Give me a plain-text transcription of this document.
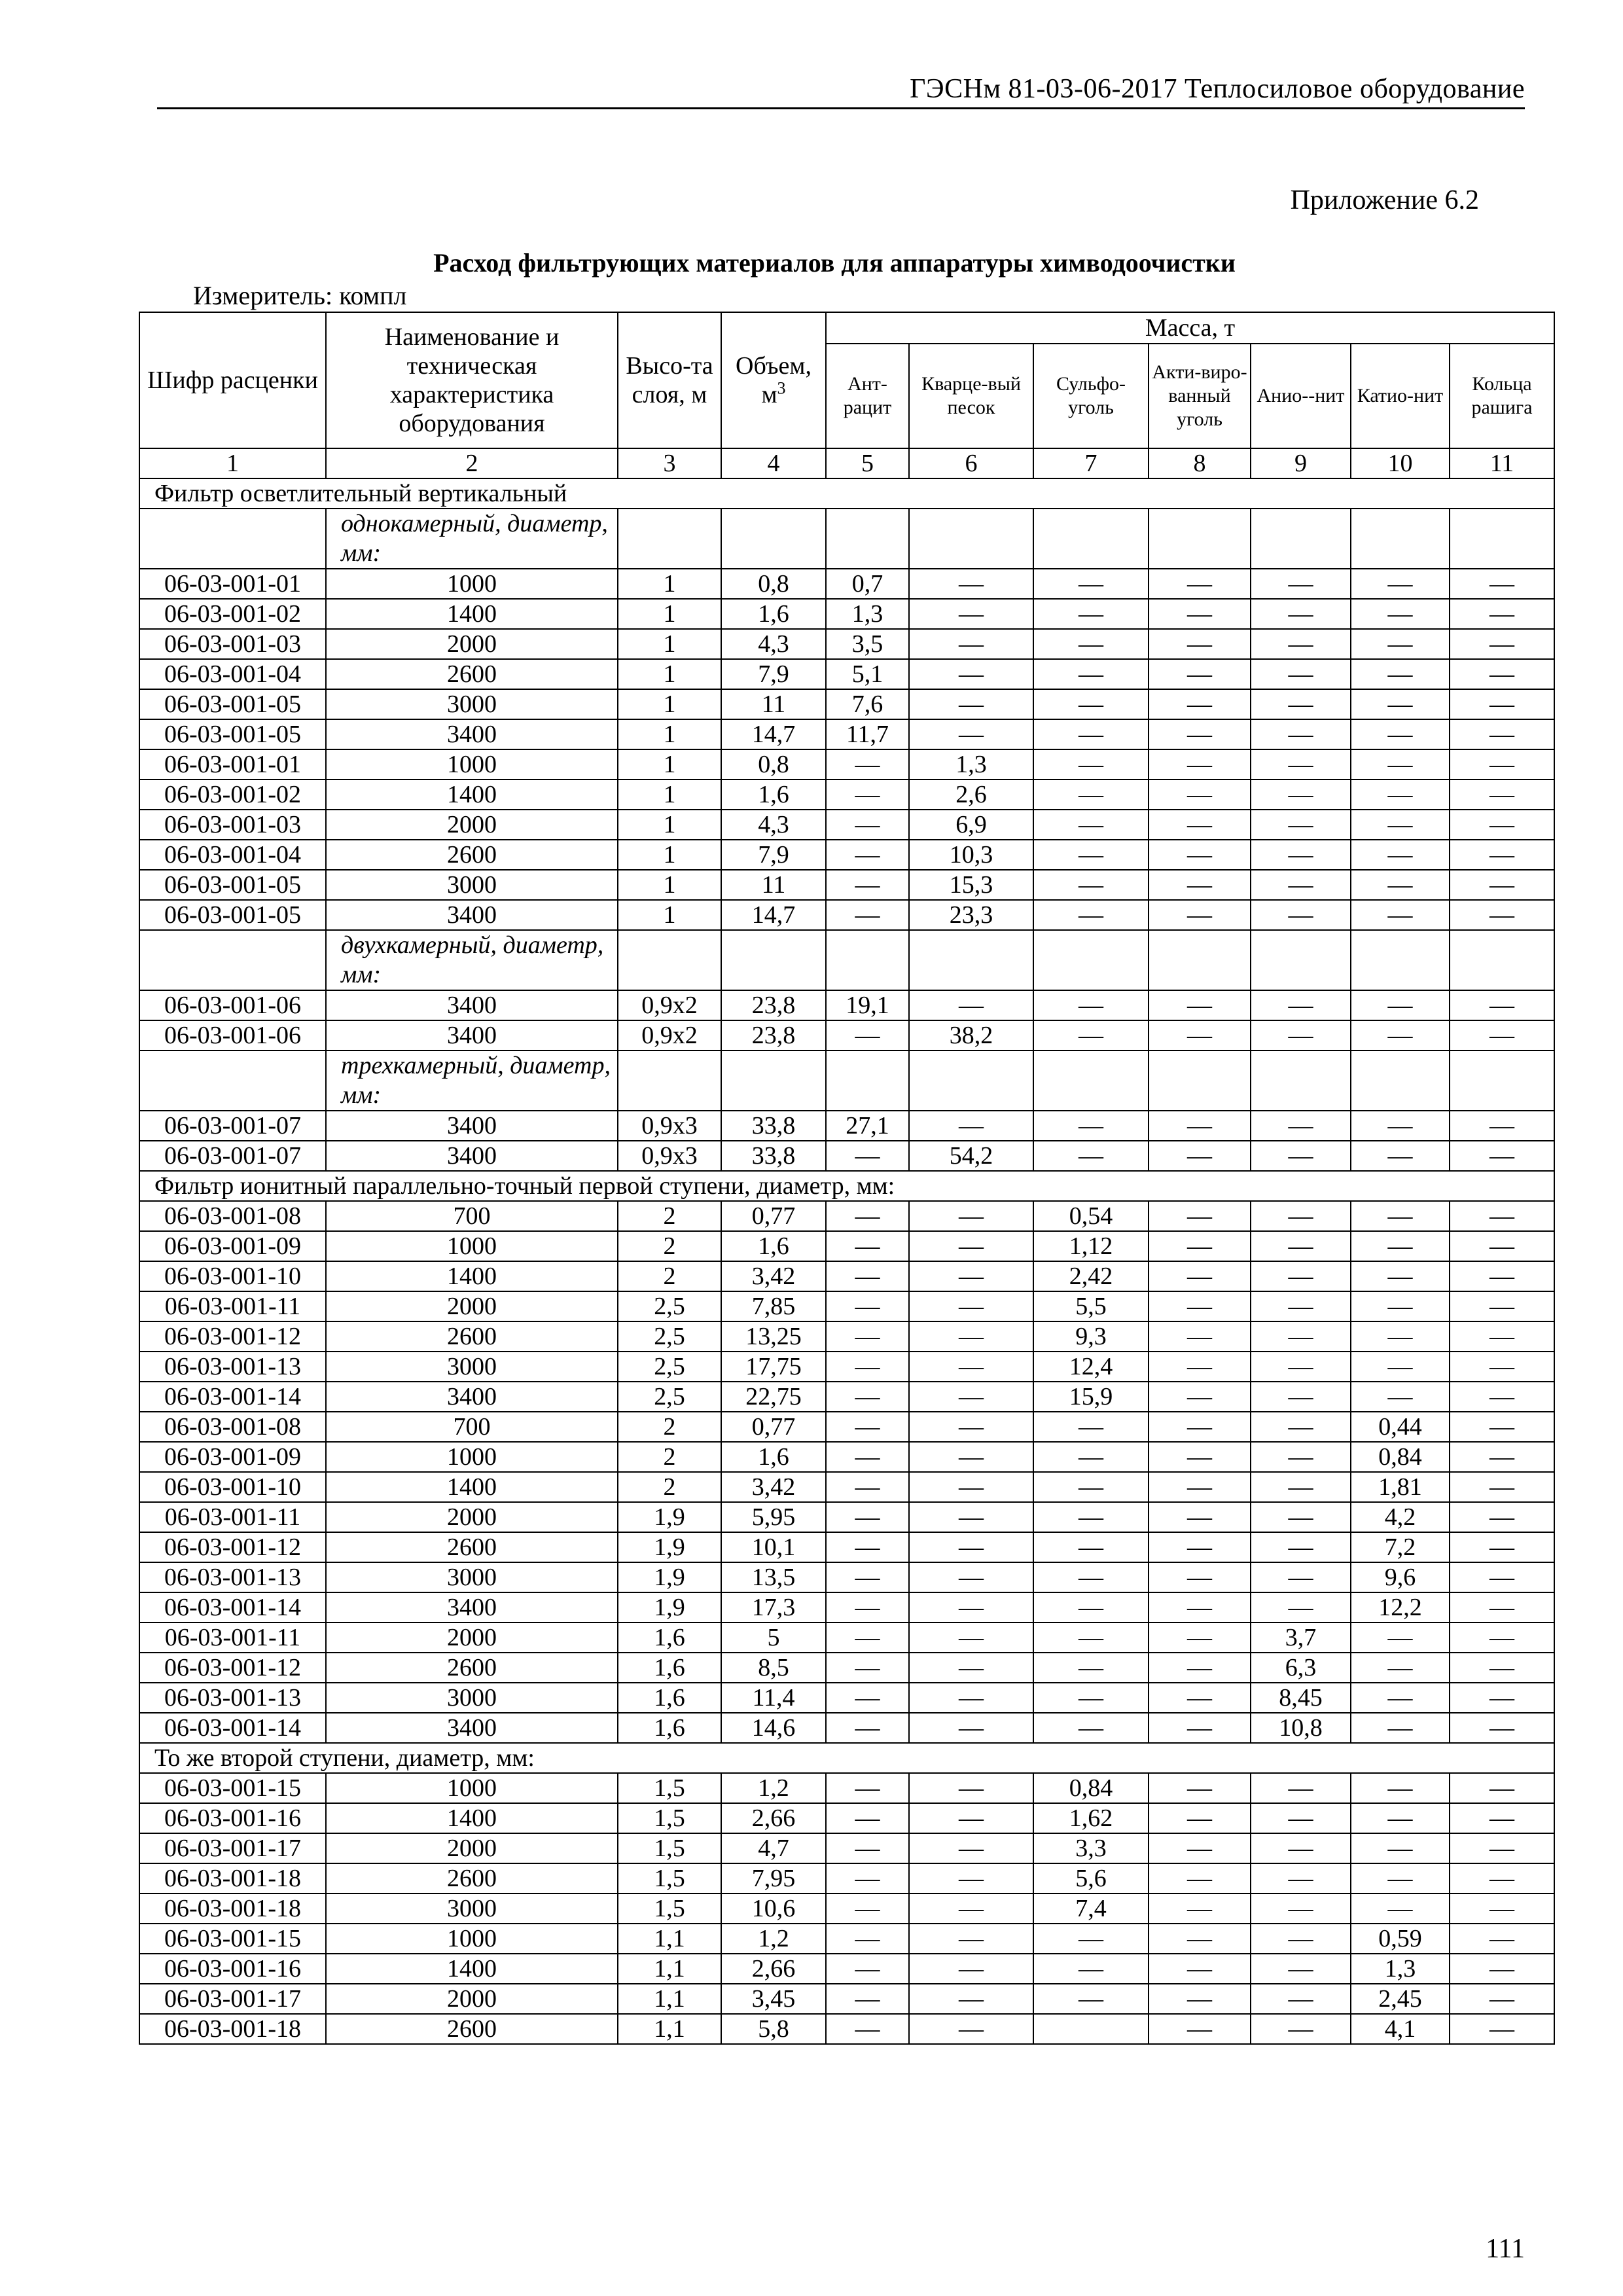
ГЭСНм 81-03-06-2017 Теплосиловое оборудование
Приложение 6.2
Расход фильтрующих материалов для аппаратуры химводоочистки
Измеритель: компл
Шифр расценки	Наименование и техническая характеристика оборудования	Высо-та слоя, м	Объем, $м^3$	Масса, т						
				Ант-рацит	Кварце-вый песок	Сульфо-уголь	Акти-виро-ванный уголь	Анио--нит	Катио-нит	Кольца рашига
1	2	3	4	5	6	7	8	9	10	11
Фильтр осветлительный вертикальный										
	однокамерный, диаметр, мм:									
06-03-001-01	1000	1	0,8	0,7	—	—	—	—	—	—
06-03-001-02	1400	1	1,6	1,3	—	—	—	—	—	—
06-03-001-03	2000	1	4,3	3,5	—	—	—	—	—	—
06-03-001-04	2600	1	7,9	5,1	—	—	—	—	—	—
06-03-001-05	3000	1	11	7,6	—	—	—	—	—	—
06-03-001-05	3400	1	14,7	11,7	—	—	—	—	—	—
06-03-001-01	1000	1	0,8	—	1,3	—	—	—	—	—
06-03-001-02	1400	1	1,6	—	2,6	—	—	—	—	—
06-03-001-03	2000	1	4,3	—	6,9	—	—	—	—	—
06-03-001-04	2600	1	7,9	—	10,3	—	—	—	—	—
06-03-001-05	3000	1	11	—	15,3	—	—	—	—	—
06-03-001-05	3400	1	14,7	—	23,3	—	—	—	—	—
	двухкамерный, диаметр, мм:									
06-03-001-06	3400	0,9x2	23,8	19,1	—	—	—	—	—	—
06-03-001-06	3400	0,9x2	23,8	—	38,2	—	—	—	—	—
	трехкамерный, диаметр, мм:									
06-03-001-07	3400	0,9x3	33,8	27,1	—	—	—	—	—	—
06-03-001-07	3400	0,9x3	33,8	—	54,2	—	—	—	—	—
Фильтр ионитный параллельно-точный первой ступени, диаметр, мм:										
06-03-001-08	700	2	0,77	—	—	0,54	—	—	—	—
06-03-001-09	1000	2	1,6	—	—	1,12	—	—	—	—
06-03-001-10	1400	2	3,42	—	—	2,42	—	—	—	—
06-03-001-11	2000	2,5	7,85	—	—	5,5	—	—	—	—
06-03-001-12	2600	2,5	13,25	—	—	9,3	—	—	—	—
06-03-001-13	3000	2,5	17,75	—	—	12,4	—	—	—	—
06-03-001-14	3400	2,5	22,75	—	—	15,9	—	—	—	—
06-03-001-08	700	2	0,77	—	—	—	—	—	0,44	—
06-03-001-09	1000	2	1,6	—	—	—	—	—	0,84	—
06-03-001-10	1400	2	3,42	—	—	—	—	—	1,81	—
06-03-001-11	2000	1,9	5,95	—	—	—	—	—	4,2	—
06-03-001-12	2600	1,9	10,1	—	—	—	—	—	7,2	—
06-03-001-13	3000	1,9	13,5	—	—	—	—	—	9,6	—
06-03-001-14	3400	1,9	17,3	—	—	—	—	—	12,2	—
06-03-001-11	2000	1,6	5	—	—	—	—	3,7	—	—
06-03-001-12	2600	1,6	8,5	—	—	—	—	6,3	—	—
06-03-001-13	3000	1,6	11,4	—	—	—	—	8,45	—	—
06-03-001-14	3400	1,6	14,6	—	—	—	—	10,8	—	—
То же второй ступени, диаметр, мм:										
06-03-001-15	1000	1,5	1,2	—	—	0,84	—	—	—	—
06-03-001-16	1400	1,5	2,66	—	—	1,62	—	—	—	—
06-03-001-17	2000	1,5	4,7	—	—	3,3	—	—	—	—
06-03-001-18	2600	1,5	7,95	—	—	5,6	—	—	—	—
06-03-001-18	3000	1,5	10,6	—	—	7,4	—	—	—	—
06-03-001-15	1000	1,1	1,2	—	—	—	—	—	0,59	—
06-03-001-16	1400	1,1	2,66	—	—	—	—	—	1,3	—
06-03-001-17	2000	1,1	3,45	—	—	—	—	—	2,45	—
06-03-001-18	2600	1,1	5,8	—	—		—	—	4,1	—
111
